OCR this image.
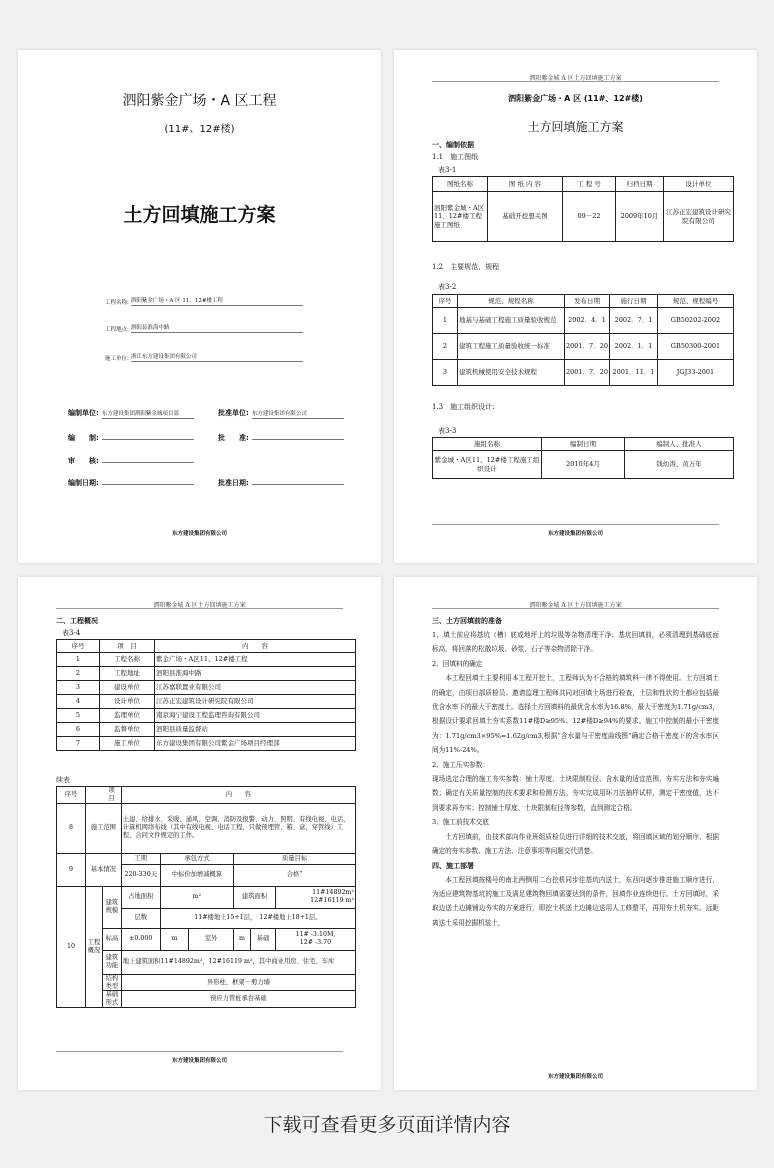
泗阳紫金广场・A 区工程
(11#、12#楼)
土方回填施工方案
工程名称: 泗阳紫金广场・A 区 11、12#楼工程
工程地点: 泗阳县淮海中路
施工单位: 浙江东方建设集团有限公司
编制单位: 东方建设集团泗阳紫金城项目部	批准单位: 东方建设集团有限公司
编　　制:	批　　准:
审　　核:
编制日期:	批准日期:
东方建设集团有限公司
泗阳紫金城 A 区土方回填施工方案
泗阳紫金广场・A 区 (11#、12#楼)
土方回填施工方案
一、编制依据
1.1　施工图纸
表3-1
图纸名称	图 纸 内 容	工 程 号	归档日期	设计单位
泗阳紫金城・A区11、12#楼工程施工图纸	基础开挖想关图	09－22	2009年10月	江苏正宏建筑设计研究院有限公司
1.2　主要规范、规程
表3-2
序号	规范、规程名称	发布日期	施行日期	规范、规程编号
1	地基与基础工程施工质量验收规范	2002．4．1	2002．7．1	GB50202-2002
2	建筑工程施工质量验收统一标准	2001．7．20	2002．1．1	GB50300-2001
3	建筑机械使用安全技术规程	2001．7．20	2001．11．1	JGJ33-2001
1.3　施工组织设计:
表3-3
施组名称	编制日期	编制人、批准人
紫金城・A区11、12#楼工程施工组织设计	2010年4月	钱幼涛、黄万年
东方建设集团有限公司
泗阳紫金城 A 区土方回填施工方案
二、工程概况
表3-4
序号	项　目	内　　容
1	工程名称	紫金广场・A区11、12#楼工程
2	工程地址	泗阳县淮海中路
3	建设单位	江苏嘉联置业有限公司
4	设计单位	江苏正宏建筑设计研究院有限公司
5	监理单位	南京海宁建设工程监理咨询有限公司
6	监督单位	泗阳县质量监督站
7	施工单位	东方建设集团有限公司紫金广场项目经理部
续表
序号		项　目	内　　容					
8	施工范围		土建、给排水、采暖、通风、空调、消防及报警、动力、照明、有线电视、电话、计算机网络布线（其中有线电视、电话工程，只做预埋管、箱、盒，穿管线）工程，合同文件规定的工作。					
9	基本情况		工期	承包方式		质量目标		
			220-330天	中标价加增减概算		合格”		
10	工程概况	建筑规模	占地面积	m²		建筑面积		11#14892m²
12#16119 m²
			层数	11#楼地上15+1层，　12#楼地上18+1层。				
		标高	±0.000	m	室外	m	基础	11# -3.10M,
12# -3.70
		建筑功能	地上建筑面积11#14892m²，12#16119 m²，其中商业用房、住宅、车库					
		结构类型	异形柱、框架－剪力墙					
		基础形式	预应力管桩承台基础					
东方建设集团有限公司
泗阳紫金城 A 区土方回填施工方案
三、土方回填前的准备
1、填土前应将基坑（槽）底或地坪上的垃圾等杂物清理干净；基坑回填前，必须清理到基础底面标高，将回落的松散垃圾、砂浆、石子等杂物清除干净。
2、回填料的确定
本工程回填土主要利用本工程开挖土，工程师认为不合格的填筑料一律不得使用。土方回填土的确定，由项目部质检员、邀请监理工程师共同对回填土场进行检查，土层和性状的土都应包括最优含水率下的最大干密度土。选择土方回填料的最优含水率为16.8%，最大干密度为1.71g/cm3，根据设计要求回填土夯实系数11#楼D≥95%、12#楼D≥94%的要求。施工中控制的最小干密度为：1.71g/cm3×95%=1.62g/cm3,根据“含水量与干密度曲线图”确定合格干密度下的含水率区间为11%-24%。
2、施工压实参数：
现场选定合理的施工夯实参数：铺土厚度、土块限制粒径、含水量的适宜范围、夯实方法和夯实遍数；确定有关质量控制的技术要求和检测方法。夯实完成用环刀法抽样试样，测定干密度值，达不到要求再夯实；控制铺土厚度、土块限制粒径等参数，直到测定合格。
3、施工前技术交底
土方回填前，由技术部向作业班组质检员进行详细的技术交底，将回填区域的划分顺序、根据确定的夯实参数、施工方法、注意事项等问题交代清楚。
四、施工部署
本工程回填按楼号的南北两侧用二台挖机同步往基坑内送土，东西向逐步推进施工顺序进行，为适应建筑物基坑的施工及满足建筑物回填需要达到的条件，回填作业连续进行。土方回填时，采取边送土边摊铺边夯实的方案进行，即挖土机送土边摊边送用人工修整平，再用夯土机夯实。远距离送土采用挖掘机装土，
东方建设集团有限公司
下载可查看更多页面详情内容
